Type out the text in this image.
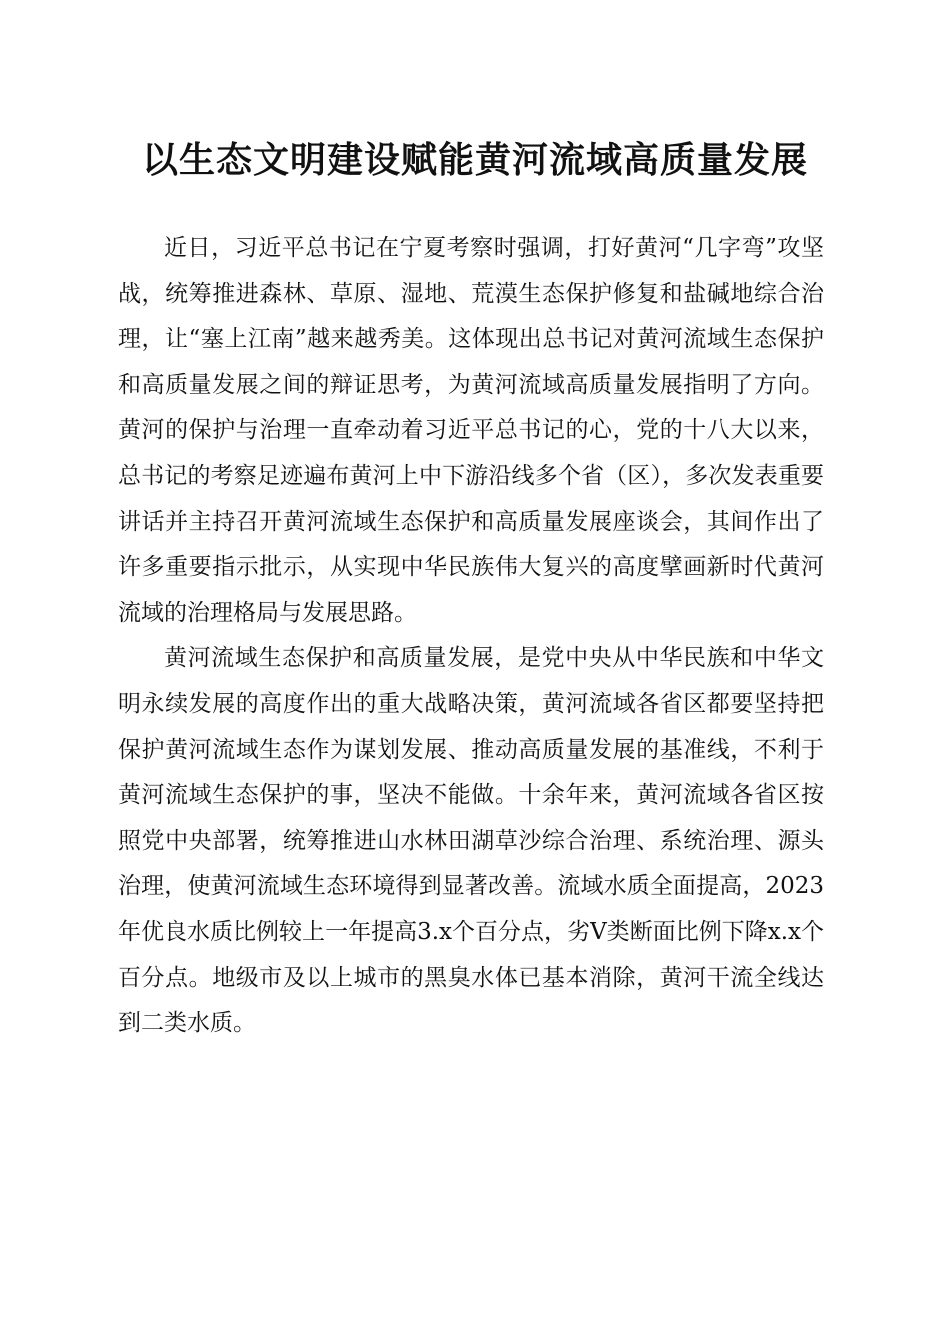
以生态文明建设赋能黄河流域高质量发展

近日，习近平总书记在宁夏考察时强调，打好黄河“几字弯”攻坚战，统筹推进森林、草原、湿地、荒漠生态保护修复和盐碱地综合治理，让“塞上江南”越来越秀美。这体现出总书记对黄河流域生态保护和高质量发展之间的辩证思考，为黄河流域高质量发展指明了方向。黄河的保护与治理一直牵动着习近平总书记的心，党的十八大以来，总书记的考察足迹遍布黄河上中下游沿线多个省（区），多次发表重要讲话并主持召开黄河流域生态保护和高质量发展座谈会，其间作出了许多重要指示批示，从实现中华民族伟大复兴的高度擘画新时代黄河流域的治理格局与发展思路。

黄河流域生态保护和高质量发展，是党中央从中华民族和中华文明永续发展的高度作出的重大战略决策，黄河流域各省区都要坚持把保护黄河流域生态作为谋划发展、推动高质量发展的基准线，不利于黄河流域生态保护的事，坚决不能做。十余年来，黄河流域各省区按照党中央部署，统筹推进山水林田湖草沙综合治理、系统治理、源头治理，使黄河流域生态环境得到显著改善。流域水质全面提高，2023年优良水质比例较上一年提高3.x个百分点，劣Ⅴ类断面比例下降x.x个百分点。地级市及以上城市的黑臭水体已基本消除，黄河干流全线达到二类水质。
